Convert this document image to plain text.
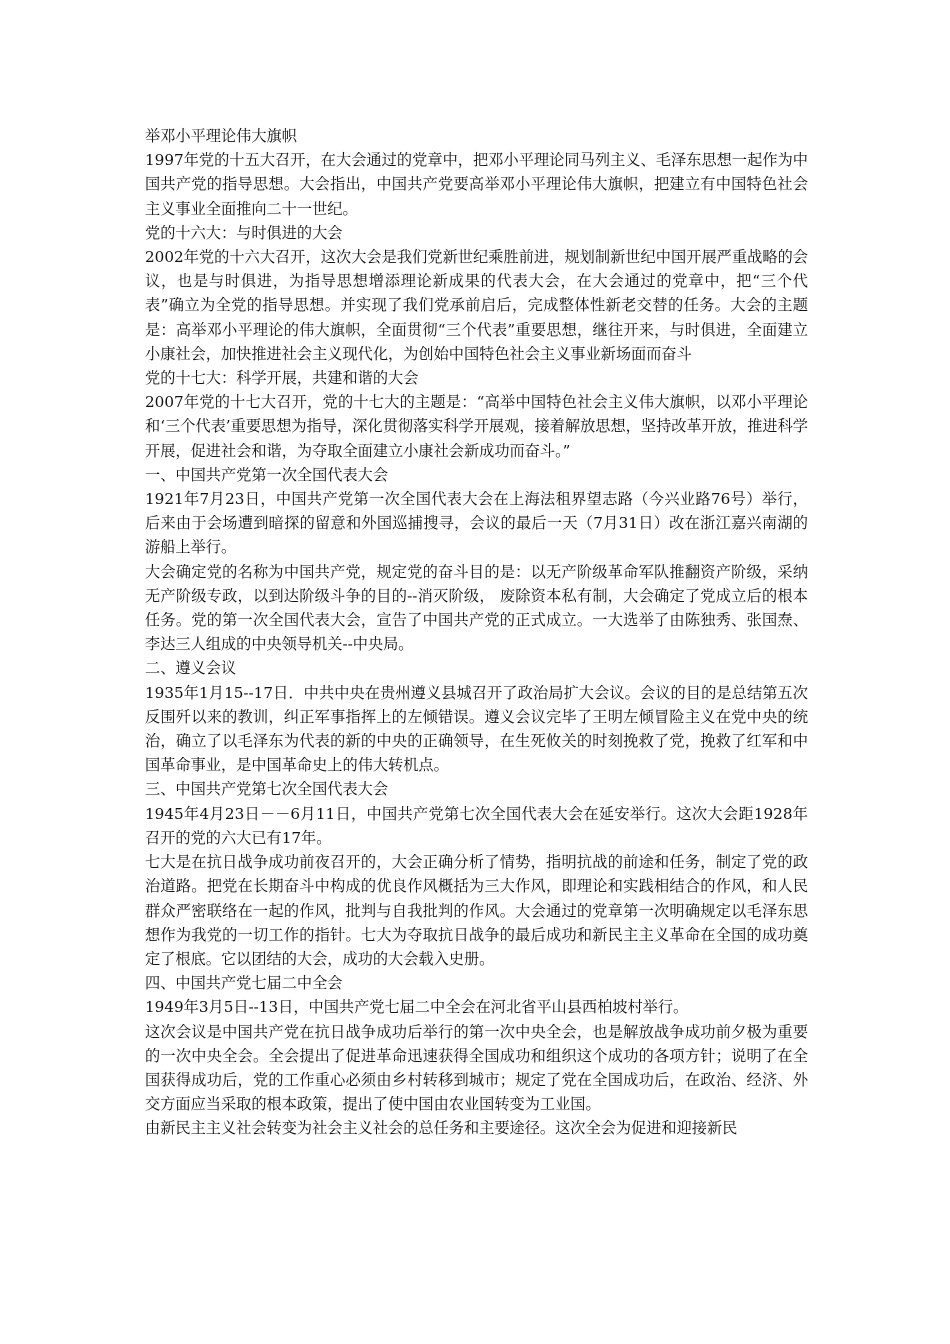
举邓小平理论伟大旗帜

1997年党的十五大召开，在大会通过的党章中，把邓小平理论同马列主义、毛泽东思想一起作为中国共产党的指导思想。大会指出，中国共产党要高举邓小平理论伟大旗帜，把建立有中国特色社会主义事业全面推向二十一世纪。

党的十六大：与时俱进的大会

2002年党的十六大召开，这次大会是我们党新世纪乘胜前进，规划制新世纪中国开展严重战略的会议，也是与时俱进，为指导思想增添理论新成果的代表大会，在大会通过的党章中，把“三个代表”确立为全党的指导思想。并实现了我们党承前启后，完成整体性新老交替的任务。大会的主题是：高举邓小平理论的伟大旗帜，全面贯彻“三个代表”重要思想，继往开来，与时俱进，全面建立小康社会，加快推进社会主义现代化，为创始中国特色社会主义事业新场面而奋斗

党的十七大：科学开展，共建和谐的大会

2007年党的十七大召开，党的十七大的主题是：“高举中国特色社会主义伟大旗帜，以邓小平理论和‘三个代表’重要思想为指导，深化贯彻落实科学开展观，接着解放思想，坚持改革开放，推进科学开展，促进社会和谐，为夺取全面建立小康社会新成功而奋斗。”

一、中国共产党第一次全国代表大会

1921年7月23日，中国共产党第一次全国代表大会在上海法租界望志路（今兴业路76号）举行，后来由于会场遭到暗探的留意和外国巡捕搜寻，会议的最后一天（7月31日）改在浙江嘉兴南湖的游船上举行。

大会确定党的名称为中国共产党，规定党的奋斗目的是：以无产阶级革命军队推翻资产阶级，采纳无产阶级专政，以到达阶级斗争的目的--消灭阶级， 废除资本私有制，大会确定了党成立后的根本任务。党的第一次全国代表大会，宣告了中国共产党的正式成立。一大选举了由陈独秀、张国焘、李达三人组成的中央领导机关--中央局。

二、遵义会议

1935年1月15--17日．中共中央在贵州遵义县城召开了政治局扩大会议。会议的目的是总结第五次反围歼以来的教训，纠正军事指挥上的左倾错误。遵义会议完毕了王明左倾冒险主义在党中央的统治，确立了以毛泽东为代表的新的中央的正确领导，在生死攸关的时刻挽救了党，挽救了红军和中国革命事业，是中国革命史上的伟大转机点。

三、中国共产党第七次全国代表大会

1945年4月23日－－6月11日，中国共产党第七次全国代表大会在延安举行。这次大会距1928年召开的党的六大已有17年。

七大是在抗日战争成功前夜召开的，大会正确分析了情势，指明抗战的前途和任务，制定了党的政治道路。把党在长期奋斗中构成的优良作风概括为三大作风，即理论和实践相结合的作风，和人民群众严密联络在一起的作风，批判与自我批判的作风。大会通过的党章第一次明确规定以毛泽东思想作为我党的一切工作的指针。七大为夺取抗日战争的最后成功和新民主主义革命在全国的成功奠定了根底。它以团结的大会，成功的大会载入史册。

四、中国共产党七届二中全会

1949年3月5日--13日，中国共产党七届二中全会在河北省平山县西柏坡村举行。

这次会议是中国共产党在抗日战争成功后举行的第一次中央全会，也是解放战争成功前夕极为重要的一次中央全会。全会提出了促进革命迅速获得全国成功和组织这个成功的各项方针；说明了在全国获得成功后，党的工作重心必须由乡村转移到城市；规定了党在全国成功后，在政治、经济、外交方面应当采取的根本政策，提出了使中国由农业国转变为工业国。

由新民主主义社会转变为社会主义社会的总任务和主要途径。这次全会为促进和迎接新民
